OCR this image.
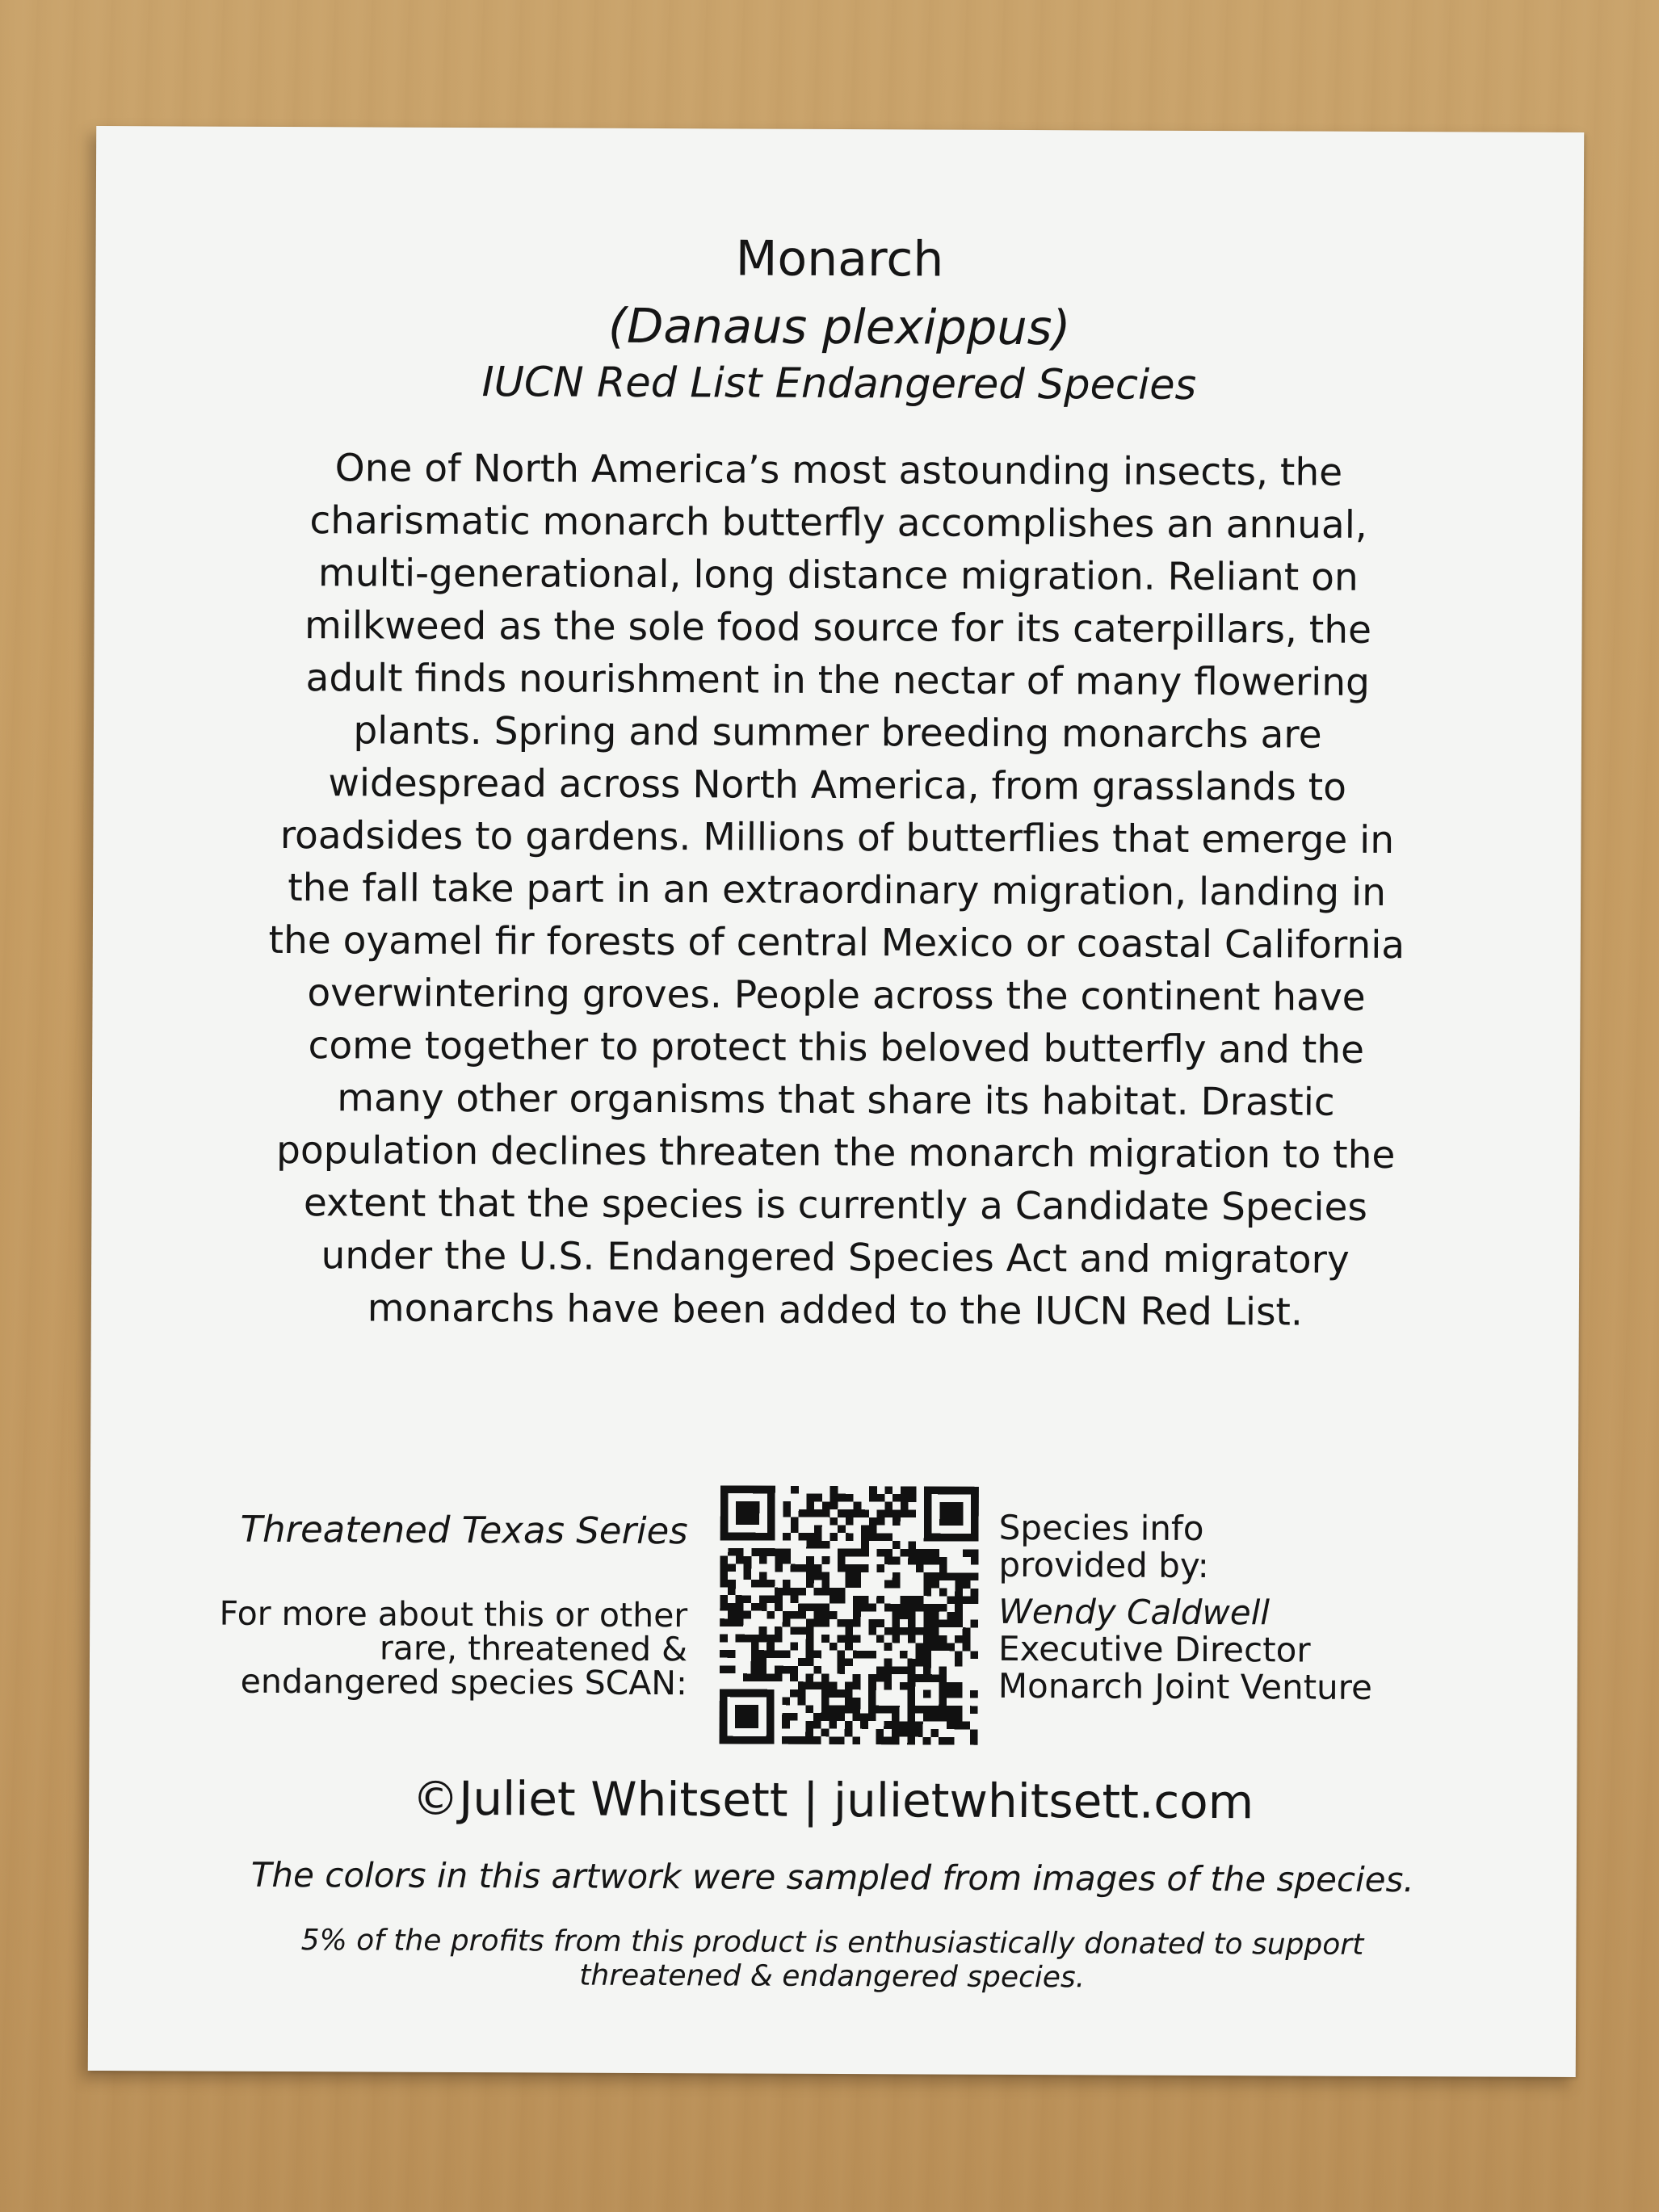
Monarch
(Danaus plexippus)
IUCN Red List Endangered Species
One of North America’s most astounding insects, the charismatic monarch butterfly accomplishes an annual, multi-generational, long distance migration. Reliant on milkweed as the sole food source for its caterpillars, the adult finds nourishment in the nectar of many flowering plants. Spring and summer breeding monarchs are widespread across North America, from grasslands to roadsides to gardens. Millions of butterflies that emerge in the fall take part in an extraordinary migration, landing in the oyamel fir forests of central Mexico or coastal California overwintering groves. People across the continent have come together to protect this beloved butterfly and the many other organisms that share its habitat. Drastic population declines threaten the monarch migration to the extent that the species is currently a Candidate Species under the U.S. Endangered Species Act and migratory monarchs have been added to the IUCN Red List.
Threatened Texas Series
For more about this or other rare, threatened & endangered species SCAN:
Species info provided by:
Wendy Caldwell
Executive Director
Monarch Joint Venture
©Juliet Whitsett | julietwhitsett.com
The colors in this artwork were sampled from images of the species.
5% of the profits from this product is enthusiastically donated to support
threatened & endangered species.
